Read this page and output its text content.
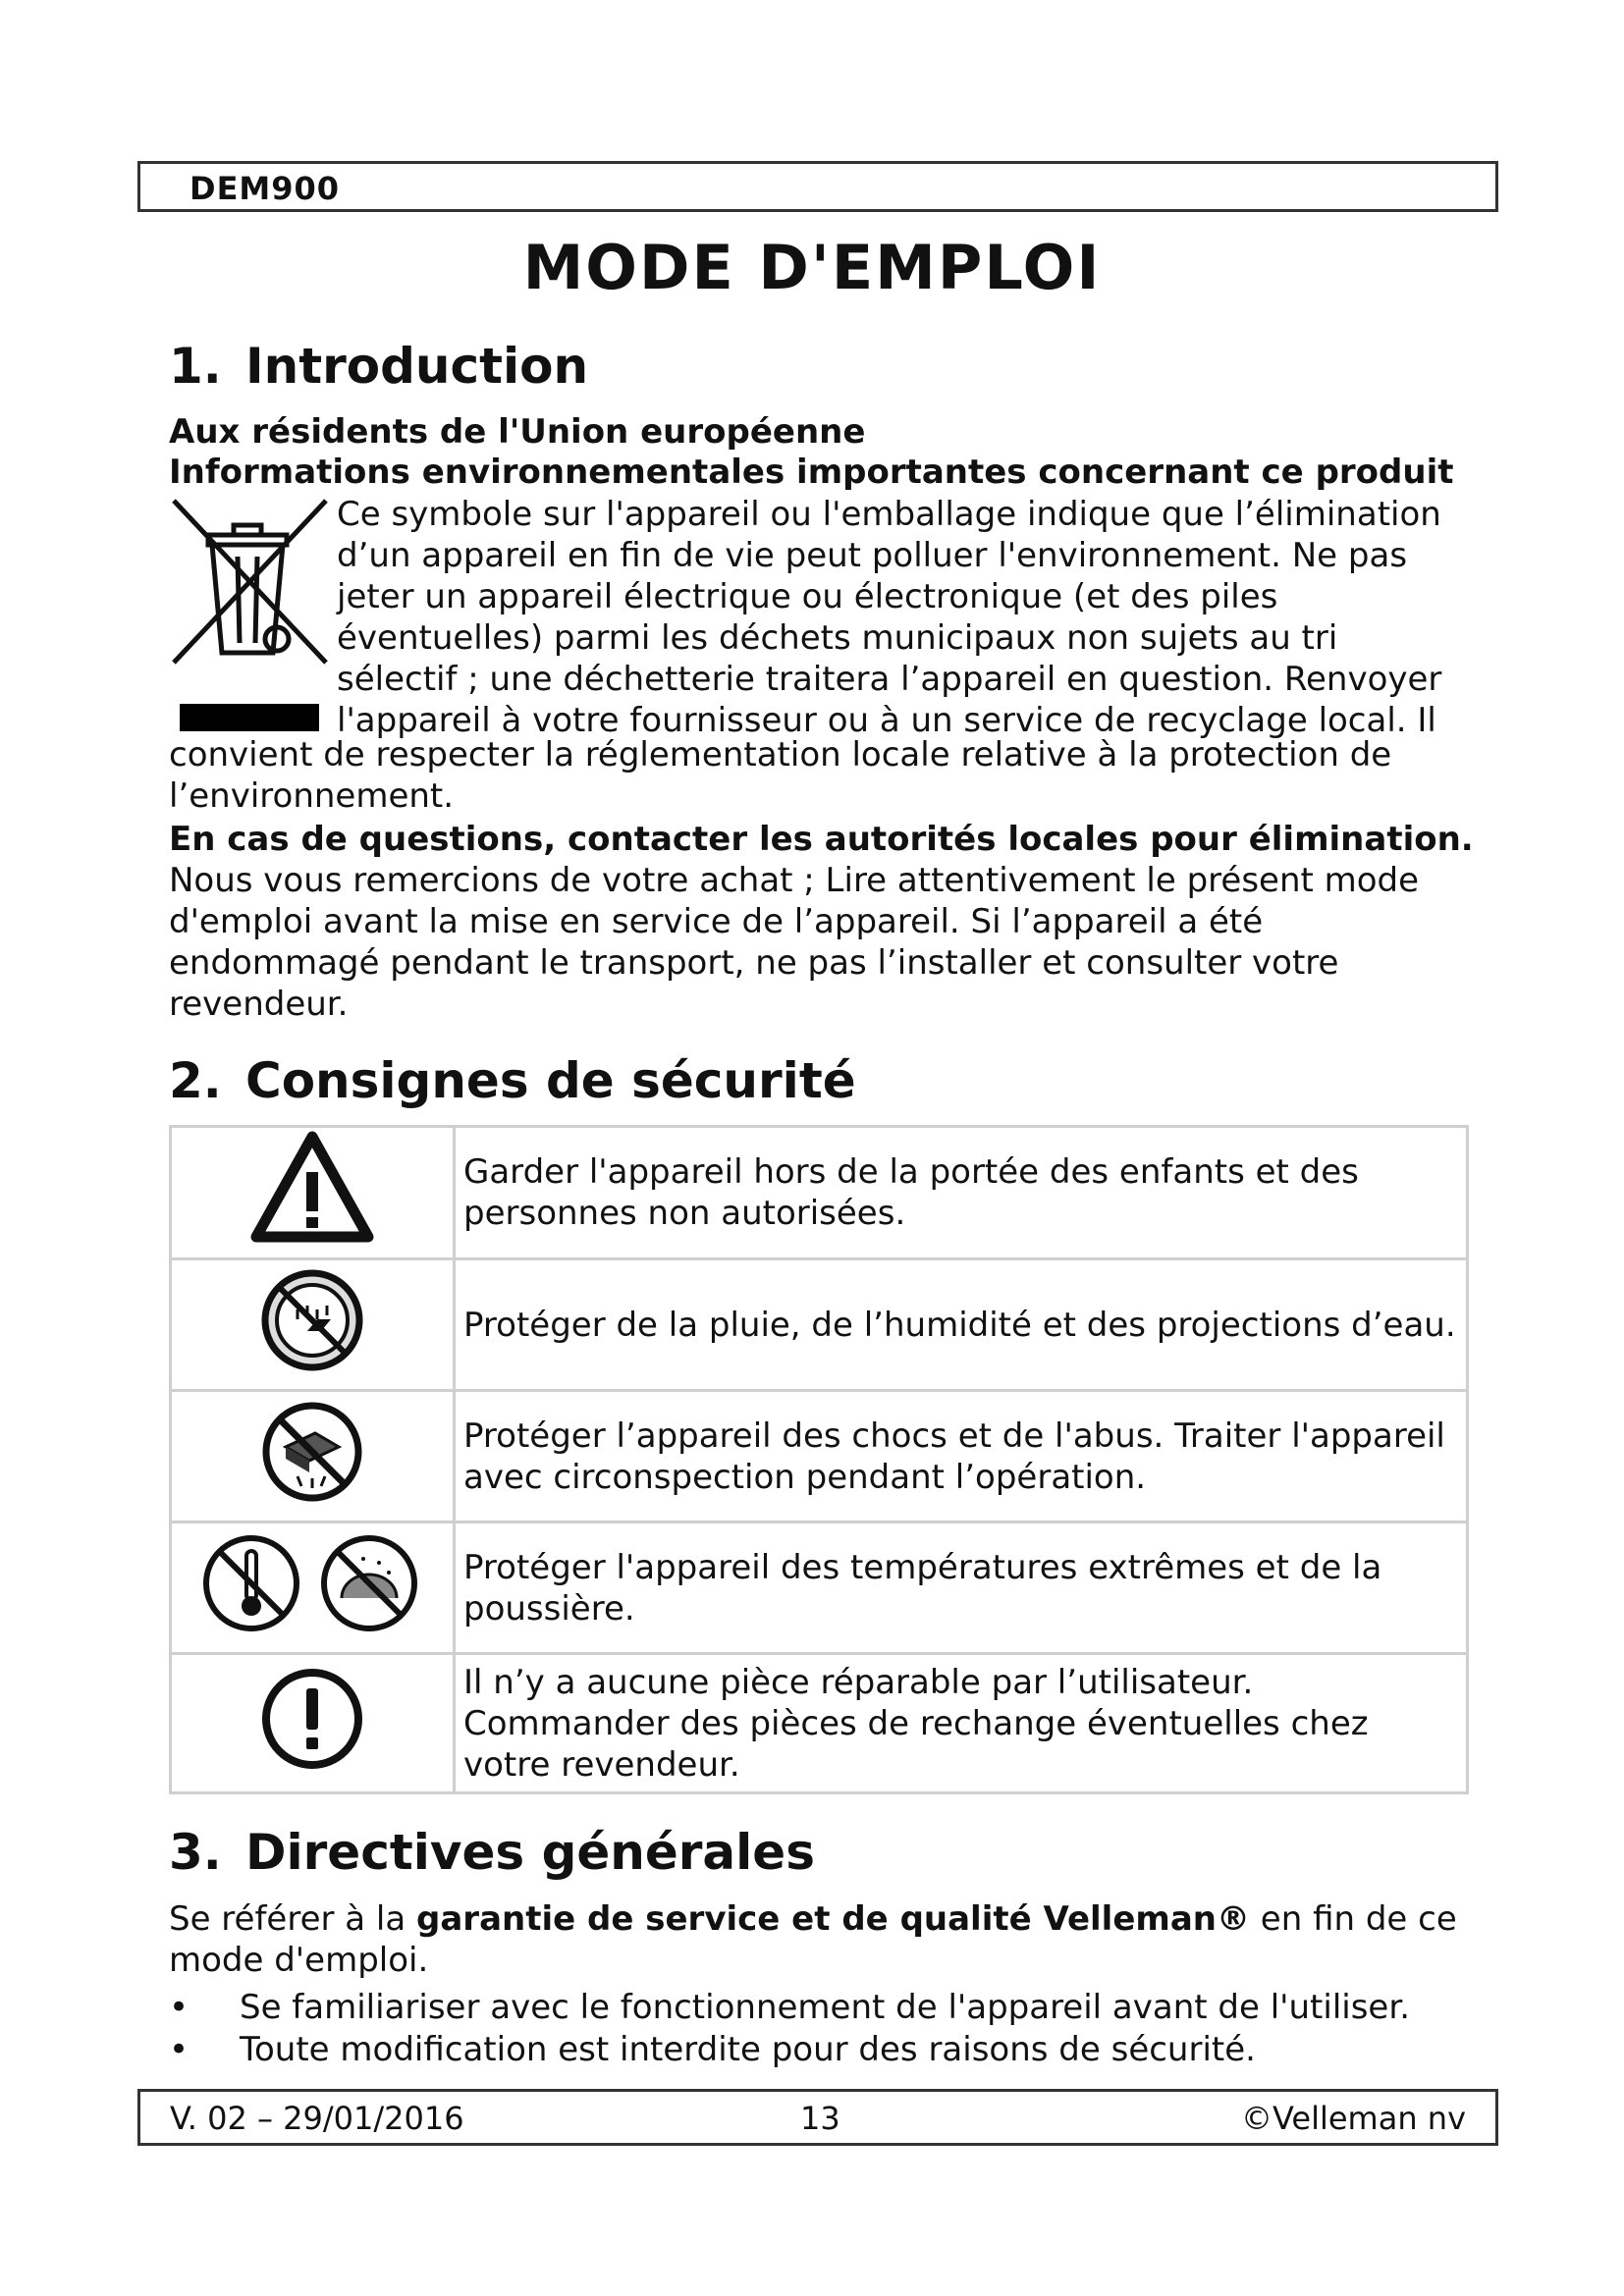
DEM900
MODE D'EMPLOI
1. Introduction
Aux résidents de l'Union européenne
Informations environnementales importantes concernant ce produit
Ce symbole sur l'appareil ou l'emballage indique que l’élimination
d’un appareil en fin de vie peut polluer l'environnement. Ne pas
jeter un appareil électrique ou électronique (et des piles
éventuelles) parmi les déchets municipaux non sujets au tri
sélectif ; une déchetterie traitera l’appareil en question. Renvoyer
l'appareil à votre fournisseur ou à un service de recyclage local. Il
convient de respecter la réglementation locale relative à la protection de l’environnement.
En cas de questions, contacter les autorités locales pour élimination.
Nous vous remercions de votre achat ; Lire attentivement le présent mode d'emploi avant la mise en service de l’appareil. Si l’appareil a été endommagé pendant le transport, ne pas l’installer et consulter votre revendeur.
2. Consignes de sécurité
	Garder l'appareil hors de la portée des enfants et des personnes non autorisées.
	Protéger de la pluie, de l’humidité et des projections d’eau.
	Protéger l’appareil des chocs et de l'abus. Traiter l'appareil avec circonspection pendant l’opération.
	Protéger l'appareil des températures extrêmes et de la poussière.
	Il n’y a aucune pièce réparable par l’utilisateur. Commander des pièces de rechange éventuelles chez votre revendeur.
3. Directives générales
Se référer à la garantie de service et de qualité Velleman® en fin de ce mode d'emploi.
•	Se familiariser avec le fonctionnement de l'appareil avant de l'utiliser.
•	Toute modification est interdite pour des raisons de sécurité.
V. 02 – 29/01/2016	13	©Velleman nv
